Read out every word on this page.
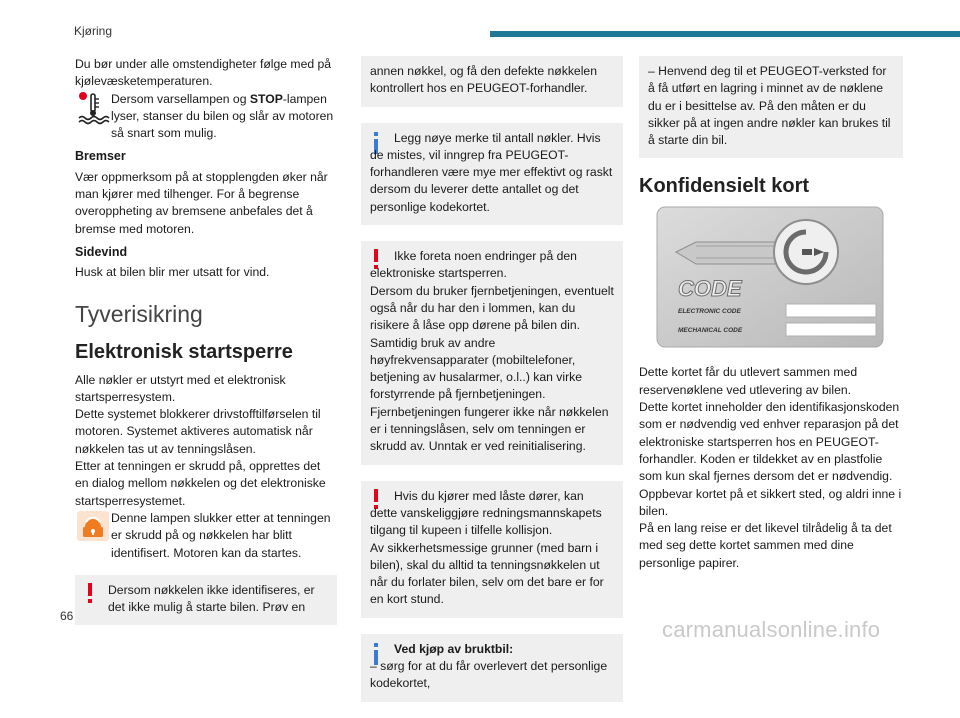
Kjøring

Du bør under alle omstendigheter følge med på kjølevæsketemperaturen.

Dersom varsellampen og STOP-lampen lyser, stanser du bilen og slår av motoren så snart som mulig.

Bremser

Vær oppmerksom på at stopplengden øker når man kjører med tilhenger. For å begrense overoppheting av bremsene anbefales det å bremse med motoren.

Sidevind

Husk at bilen blir mer utsatt for vind.

Tyverisikring
Elektronisk startsperre

Alle nøkler er utstyrt med et elektronisk startsperresystem.
Dette systemet blokkerer drivstofftilførselen til motoren. Systemet aktiveres automatisk når nøkkelen tas ut av tenningslåsen.
Etter at tenningen er skrudd på, opprettes det en dialog mellom nøkkelen og det elektroniske startsperresystemet.

Denne lampen slukker etter at tenningen er skrudd på og nøkkelen har blitt identifisert. Motoren kan da startes.

Dersom nøkkelen ikke identifiseres, er det ikke mulig å starte bilen. Prøv en

annen nøkkel, og få den defekte nøkkelen kontrollert hos en PEUGEOT-forhandler.

Legg nøye merke til antall nøkler. Hvis de mistes, vil inngrep fra PEUGEOT-forhandleren være mye mer effektivt og raskt dersom du leverer dette antallet og det personlige kodekortet.

Ikke foreta noen endringer på den elektroniske startsperren.
Dersom du bruker fjernbetjeningen, eventuelt også når du har den i lommen, kan du risikere å låse opp dørene på bilen din.
Samtidig bruk av andre høyfrekvensapparater (mobiltelefoner, betjening av husalarmer, o.l..) kan virke forstyrrende på fjernbetjeningen.
Fjernbetjeningen fungerer ikke når nøkkelen er i tenningslåsen, selv om tenningen er skrudd av. Unntak er ved reinitialisering.

Hvis du kjører med låste dører, kan dette vanskeliggjøre redningsmannskapets tilgang til kupeen i tilfelle kollisjon.
Av sikkerhetsmessige grunner (med barn i bilen), skal du alltid ta tenningsnøkkelen ut når du forlater bilen, selv om det bare er for en kort stund.

Ved kjøp av bruktbil:

– sørg for at du får overlevert det personlige kodekortet,

– Henvend deg til et PEUGEOT-verksted for å få utført en lagring i minnet av de nøklene du er i besittelse av. På den måten er du sikker på at ingen andre nøkler kan brukes til å starte din bil.

Konfidensielt kort
CODE
ELECTRONIC CODE
MECHANICAL CODE

Dette kortet får du utlevert sammen med reservenøklene ved utlevering av bilen.
Dette kortet inneholder den identifikasjonskoden som er nødvendig ved enhver reparasjon på det elektroniske startsperren hos en PEUGEOT-forhandler. Koden er tildekket av en plastfolie som kun skal fjernes dersom det er nødvendig. Oppbevar kortet på et sikkert sted, og aldri inne i bilen.
På en lang reise er det likevel tilrådelig å ta det med seg dette kortet sammen med dine personlige papirer.

66
carmanualsonline.info
